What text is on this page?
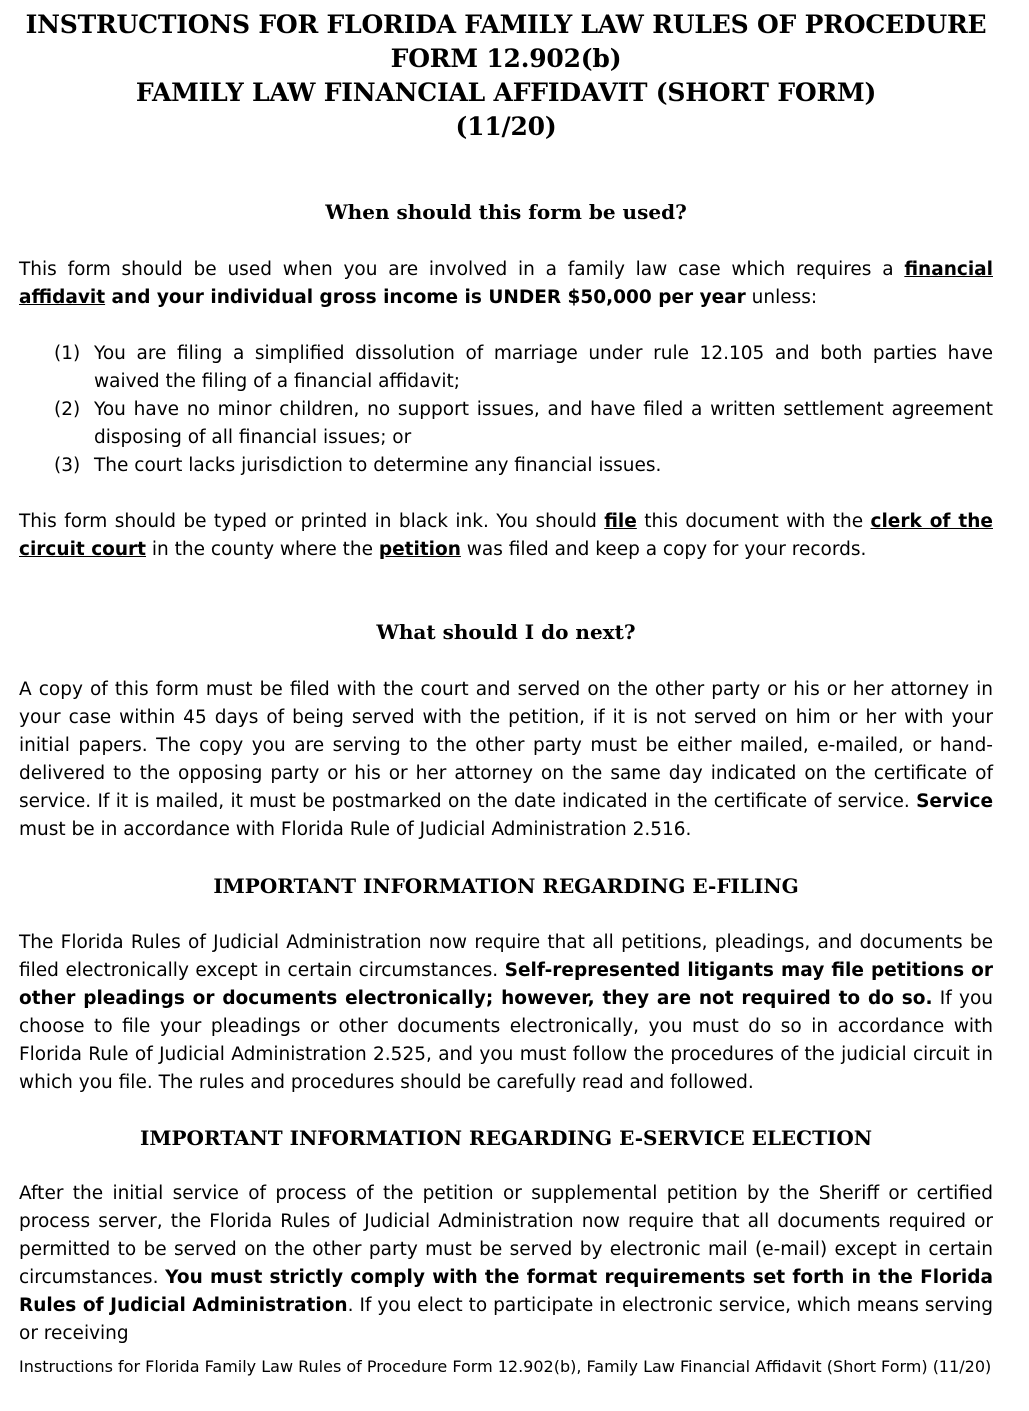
INSTRUCTIONS FOR FLORIDA FAMILY LAW RULES OF PROCEDURE
FORM 12.902(b)
FAMILY LAW FINANCIAL AFFIDAVIT (SHORT FORM)
(11/20)
When should this form be used?

This form should be used when you are involved in a family law case which requires a financial affidavit and your individual gross income is UNDER $50,000 per year unless:

(1) You are filing a simplified dissolution of marriage under rule 12.105 and both parties have waived the filing of a financial affidavit;
(2) You have no minor children, no support issues, and have filed a written settlement agreement disposing of all financial issues; or
(3) The court lacks jurisdiction to determine any financial issues.

This form should be typed or printed in black ink. You should file this document with the clerk of the circuit court in the county where the petition was filed and keep a copy for your records.

What should I do next?

A copy of this form must be filed with the court and served on the other party or his or her attorney in your case within 45 days of being served with the petition, if it is not served on him or her with your initial papers. The copy you are serving to the other party must be either mailed, e-mailed, or hand-delivered to the opposing party or his or her attorney on the same day indicated on the certificate of service. If it is mailed, it must be postmarked on the date indicated in the certificate of service. Service must be in accordance with Florida Rule of Judicial Administration 2.516.

IMPORTANT INFORMATION REGARDING E-FILING

The Florida Rules of Judicial Administration now require that all petitions, pleadings, and documents be filed electronically except in certain circumstances. Self-represented litigants may file petitions or other pleadings or documents electronically; however, they are not required to do so. If you choose to file your pleadings or other documents electronically, you must do so in accordance with Florida Rule of Judicial Administration 2.525, and you must follow the procedures of the judicial circuit in which you file. The rules and procedures should be carefully read and followed.

IMPORTANT INFORMATION REGARDING E-SERVICE ELECTION

After the initial service of process of the petition or supplemental petition by the Sheriff or certified process server, the Florida Rules of Judicial Administration now require that all documents required or permitted to be served on the other party must be served by electronic mail (e-mail) except in certain circumstances. You must strictly comply with the format requirements set forth in the Florida Rules of Judicial Administration. If you elect to participate in electronic service, which means serving or receiving

Instructions for Florida Family Law Rules of Procedure Form 12.902(b), Family Law Financial Affidavit (Short Form) (11/20)
